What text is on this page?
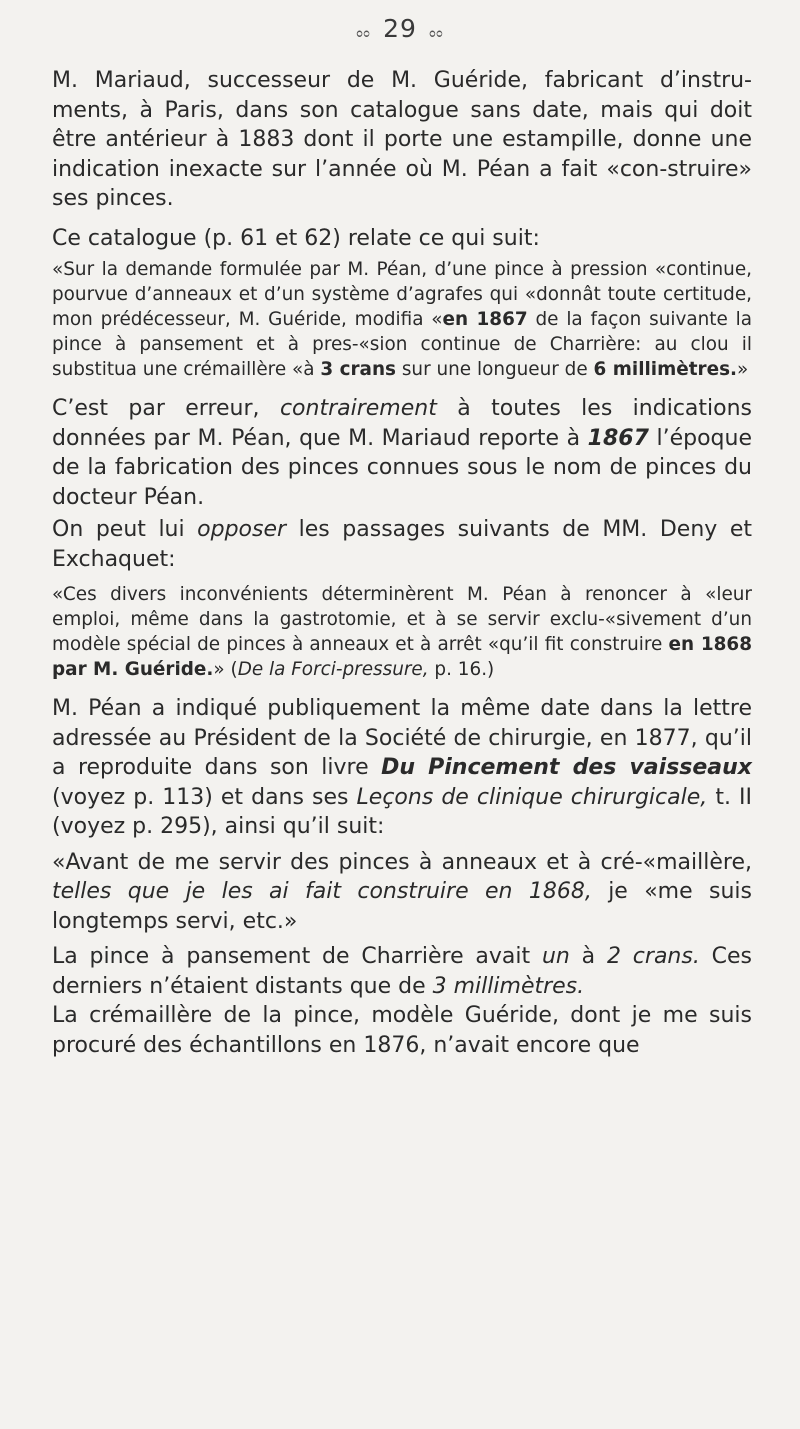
ೲ 29 ೲ

M. Mariaud, successeur de M. Guéride, fabricant d’instru-ments, à Paris, dans son catalogue sans date, mais qui doit être antérieur à 1883 dont il porte une estampille, donne une indication inexacte sur l’année où M. Péan a fait «con-struire» ses pinces.

Ce catalogue (p. 61 et 62) relate ce qui suit:

«Sur la demande formulée par M. Péan, d’une pince à pression «continue, pourvue d’anneaux et d’un système d’agrafes qui «donnât toute certitude, mon prédécesseur, M. Guéride, modifia «en 1867 de la façon suivante la pince à pansement et à pres-«sion continue de Charrière: au clou il substitua une crémaillère «à 3 crans sur une longueur de 6 millimètres.»

C’est par erreur, contrairement à toutes les indications données par M. Péan, que M. Mariaud reporte à 1867 l’époque de la fabrication des pinces connues sous le nom de pinces du docteur Péan.

On peut lui opposer les passages suivants de MM. Deny et Exchaquet:

«Ces divers inconvénients déterminèrent M. Péan à renoncer à «leur emploi, même dans la gastrotomie, et à se servir exclu-«sivement d’un modèle spécial de pinces à anneaux et à arrêt «qu’il fit construire en 1868 par M. Guéride.» (De la Forci-pressure, p. 16.)

M. Péan a indiqué publiquement la même date dans la lettre adressée au Président de la Société de chirurgie, en 1877, qu’il a reproduite dans son livre Du Pincement des vaisseaux (voyez p. 113) et dans ses Leçons de clinique chirurgicale, t. II (voyez p. 295), ainsi qu’il suit:

«Avant de me servir des pinces à anneaux et à cré-«maillère, telles que je les ai fait construire en 1868, je «me suis longtemps servi, etc.»

La pince à pansement de Charrière avait un à 2 crans. Ces derniers n’étaient distants que de 3 millimètres.

La crémaillère de la pince, modèle Guéride, dont je me suis procuré des échantillons en 1876, n’avait encore que
